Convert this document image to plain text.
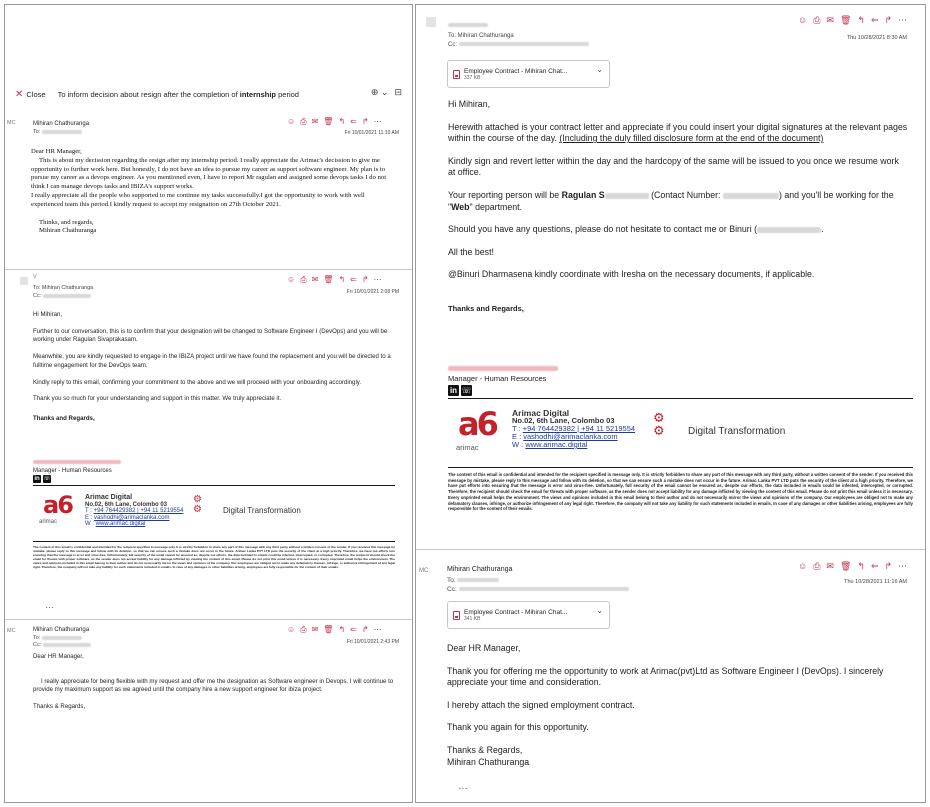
✕ Close To inform decision about resign after the completion of internship period	⊕ ⌄ ⊟
MC	Mihiran Chathuranga
To:
☺ ⎙ ✉ 🗑 ↰ ⇐ ↱ ⋯
Fri 10/01/2021 11:10 AM
Dear HR Manager,
This is about my decission regarding the resign after my internship period. I really appreciate the Arimac's decission to give me opportunity to further work here. But honestly, I do not have an idea to pursue my career as support software engineer. My plan is to pursue my career as a devops engineer. As you mentioned even, I have to report Mr ragulan and assigned some devops tasks I do not think I can manage devops tasks and IBIZA's support works.
I really appreciate all the people who supported to me continue my tasks successfully.I got the opportunity to work with well experienced team this period.I kindly request to accept my resignation on 27th October 2021.
Thinks, and regards,
Mihiran Chathuranga
V
To: Mihiran Chathuranga
Cc:
☺ ⎙ ✉ 🗑 ↰ ⇐ ↱ ⋯
Fri 10/01/2021 2:08 PM
Hi Mihiran,
Further to our conversation, this is to confirm that your designation will be changed to Software Engineer I (DevOps) and you will be working under Ragulan Sivaprakasam.
Meanwhile, you are kindly requested to engage in the IBIZA project until we have found the replacement and you will be directed to a fulltime engagement for the DevOps team.
Kindly reply to this email, confirming your commitment to the above and we will proceed with your onboarding accordingly.
Thank you so much for your understanding and support in this matter. We truly appreciate it.
Thanks and Regards,
Manager - Human Resources
in ☏
a6
arimac
Arimac Digital
No.02, 6th Lane, Colombo 03
T : +94 764429382 | +94 11 5219554
E : vashodhi@arimaclanka.com
W : www.arimac.digital
⚙
⚙	Digital Transformation
The content of this email is confidential and intended for the recipient specified in message only. It is strictly forbidden to share any part of this message with any third party, without a written consent of the sender. If you received this message by mistake, please reply to this message and follow with its deletion, so that we can ensure such a mistake does not occur in the future. Arimac Lanka PVT LTD puts the security of the client at a high priority. Therefore, we have put efforts into ensuring that the message is error and virus-free. Unfortunately, full security of the email cannot be ensured as, despite our efforts, the data included in emails could be infected, intercepted, or corrupted. Therefore, the recipient should check the email for threats with proper software, as the sender does not accept liability for any damage inflicted by viewing the content of this email. Please do not print this email unless it is necessary. Every unprinted email helps the environment. The views and opinions included in this email belong to their author and do not necessarily mirror the views and opinions of the company. Our employees are obliged not to make any defamatory clauses, infringe, or authorize infringement of any legal right. Therefore, the company will not take any liability for such statements included in emails. In case of any damages or other liabilities arising, employees are fully responsible for the content of their emails.
…
MC	Mihiran Chathuranga
To:
Cc:
☺ ⎙ ✉ 🗑 ↰ ⇐ ↱ ⋯
Fri 10/01/2021 2:43 PM
Dear HR Manager,
I really appreciate for being flexible with my request and offer me the designation as Software engineer in Devops. I will continue to provide my maximum support as we agreed until the company hire a new support engineer for ibiza project.
Thanks & Regards,
To: Mihiran Chathuranga
Cc:
☺ ⎙ ✉ 🗑 ↰ ⇐ ↱ ⋯
Thu 10/28/2021 8:30 AM
Employee Contract - Mihiran Chat...
337 KB
⌄
Hi Mihiran,
Herewith attached is your contract letter and appreciate if you could insert your digital signatures at the relevant pages within the course of the day. (Including the duly filled disclosure form at the end of the document)
Kindly sign and revert letter within the day and the hardcopy of the same will be issued to you once we resume work at office.
Your reporting person will be Ragulan S	(Contact Number:	) and you'll be working for the "Web" department.
Should you have any questions, please do not hesitate to contact me or Binuri (	.
All the best!
@Binuri Dharmasena kindly coordinate with Iresha on the necessary documents, if applicable.
Thanks and Regards,
Manager - Human Resources
in ☏
a6
arimac
Arimac Digital
No.02, 6th Lane, Colombo 03
T : +94 764429382 | +94 11 5219554
E : vashodhi@arimaclanka.com
W : www.arimac.digital
⚙
⚙ Digital Transformation
The content of this email is confidential and intended for the recipient specified in message only. It is strictly forbidden to share any part of this message with any third party, without a written consent of the sender. If you received this message by mistake, please reply to this message and follow with its deletion, so that we can ensure such a mistake does not occur in the future. Arimac Lanka PVT LTD puts the security of the client at a high priority. Therefore, we have put efforts into ensuring that the message is error and virus-free. Unfortunately, full security of the email cannot be ensured as, despite our efforts, the data included in emails could be infected, intercepted, or corrupted. Therefore, the recipient should check the email for threats with proper software, as the sender does not accept liability for any damage inflicted by viewing the content of this email. Please do not print this email unless it is necessary. Every unprinted email helps the environment. The views and opinions included in this email belong to their author and do not necessarily mirror the views and opinions of the company. Our employees are obliged not to make any defamatory clauses, infringe, or authorize infringement of any legal right. Therefore, the company will not take any liability for such statements included in emails. In case of any damages or other liabilities arising, employees are fully responsible for the content of their emails.
MC	Mihiran Chathuranga
To:
Cc:
☺ ⎙ ✉ 🗑 ↰ ⇐ ↱ ⋯
Thu 10/28/2021 11:16 AM
Employee Contract - Mihiran Chat...
341 KB
⌄
Dear HR Manager,
Thank you for offering me the opportunity to work at Arimac(pvt)Ltd as Software Engineer I (DevOps). I sincerely appreciate your time and consideration.
I hereby attach the signed employment contract.
Thank you again for this opportunity.
Thanks & Regards,
Mihiran Chathuranga
…
